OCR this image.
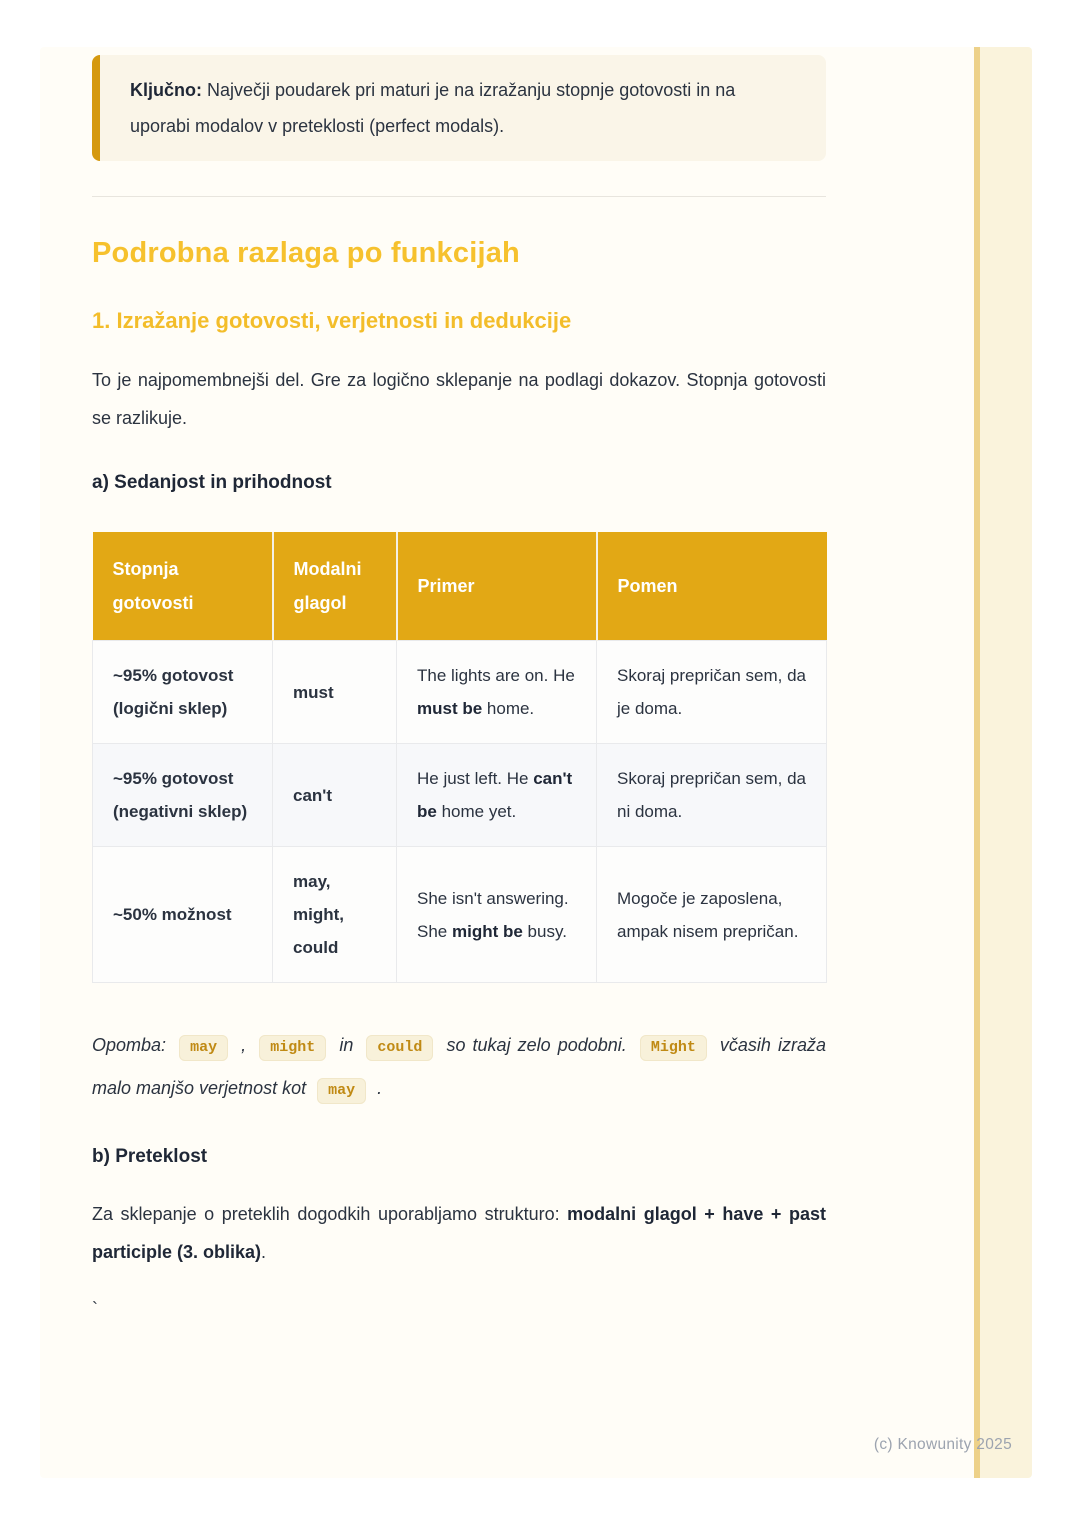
Ključno: Največji poudarek pri maturi je na izražanju stopnje gotovosti in na uporabi modalov v preteklosti (perfect modals).
Podrobna razlaga po funkcijah
1. Izražanje gotovosti, verjetnosti in dedukcije

To je najpomembnejši del. Gre za logično sklepanje na podlagi dokazov. Stopnja gotovosti se razlikuje.

a) Sedanjost in prihodnost
Stopnja gotovosti	Modalni glagol	Primer	Pomen
~95% gotovost (logični sklep)	must	The lights are on. He must be home.	Skoraj prepričan sem, da je doma.
~95% gotovost (negativni sklep)	can't	He just left. He can't be home yet.	Skoraj prepričan sem, da ni doma.
~50% možnost	may, might, could	She isn't answering. She might be busy.	Mogoče je zaposlena, ampak nisem prepričan.

Opomba: may , might in could so tukaj zelo podobni. Might včasih izraža malo manjšo verjetnost kot may .

b) Preteklost

Za sklepanje o preteklih dogodkih uporabljamo strukturo: modalni glagol + have + past participle (3. oblika).

`

(c) Knowunity 2025
